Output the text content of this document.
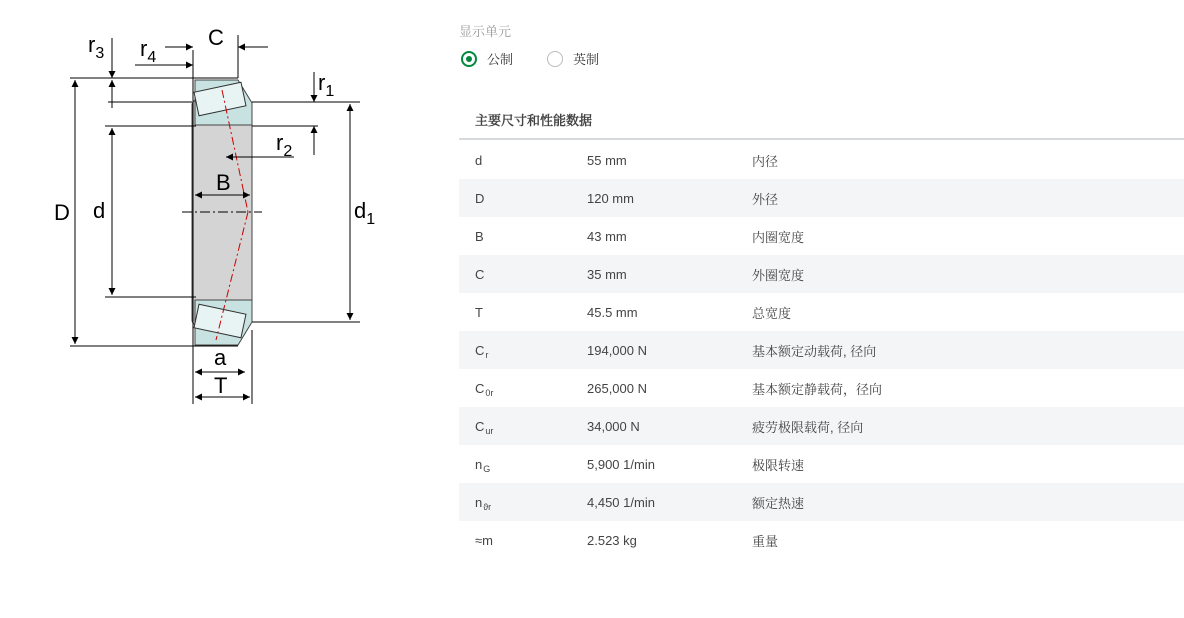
$r_3$ $r_4$
C
$r_1$
$r_2$
B
D d	$d_1$
a
T
显示单元
公制	英制
主要尺寸和性能数据
d	55 mm	内径
D	120 mm	外径
B	43 mm	内圈宽度
C	35 mm	外圈宽度
T	45.5 mm	总宽度
$C_r$	194,000 N	基本额定动载荷, 径向
$C_{0r}$	265,000 N	基本额定静载荷，径向
$C_{ur}$	34,000 N	疲劳极限载荷, 径向
$n_G$	5,900 1/min	极限转速
$n_{ϑr}$	4,450 1/min	额定热速
≈m	2.523 kg	重量
